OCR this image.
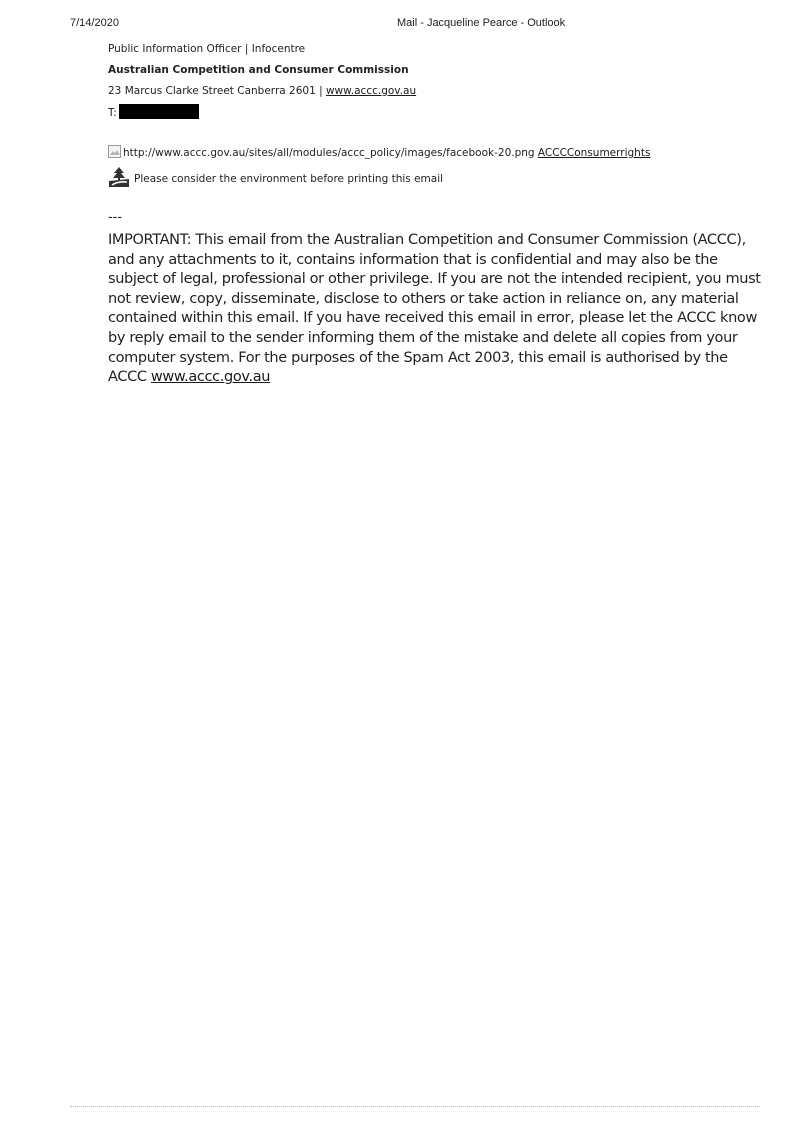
7/14/2020	Mail - Jacqueline Pearce - Outlook
Public Information Officer | Infocentre
Australian Competition and Consumer Commission
23 Marcus Clarke Street Canberra 2601 | www.accc.gov.au
T:
http://www.accc.gov.au/sites/all/modules/accc_policy/images/facebook-20.png ACCCConsumerrights
Please consider the environment before printing this email
---
IMPORTANT: This email from the Australian Competition and Consumer Commission (ACCC), and any attachments to it, contains information that is confidential and may also be the subject of legal, professional or other privilege. If you are not the intended recipient, you must not review, copy, disseminate, disclose to others or take action in reliance on, any material contained within this email. If you have received this email in error, please let the ACCC know by reply email to the sender informing them of the mistake and delete all copies from your computer system. For the purposes of the Spam Act 2003, this email is authorised by the ACCC www.accc.gov.au
